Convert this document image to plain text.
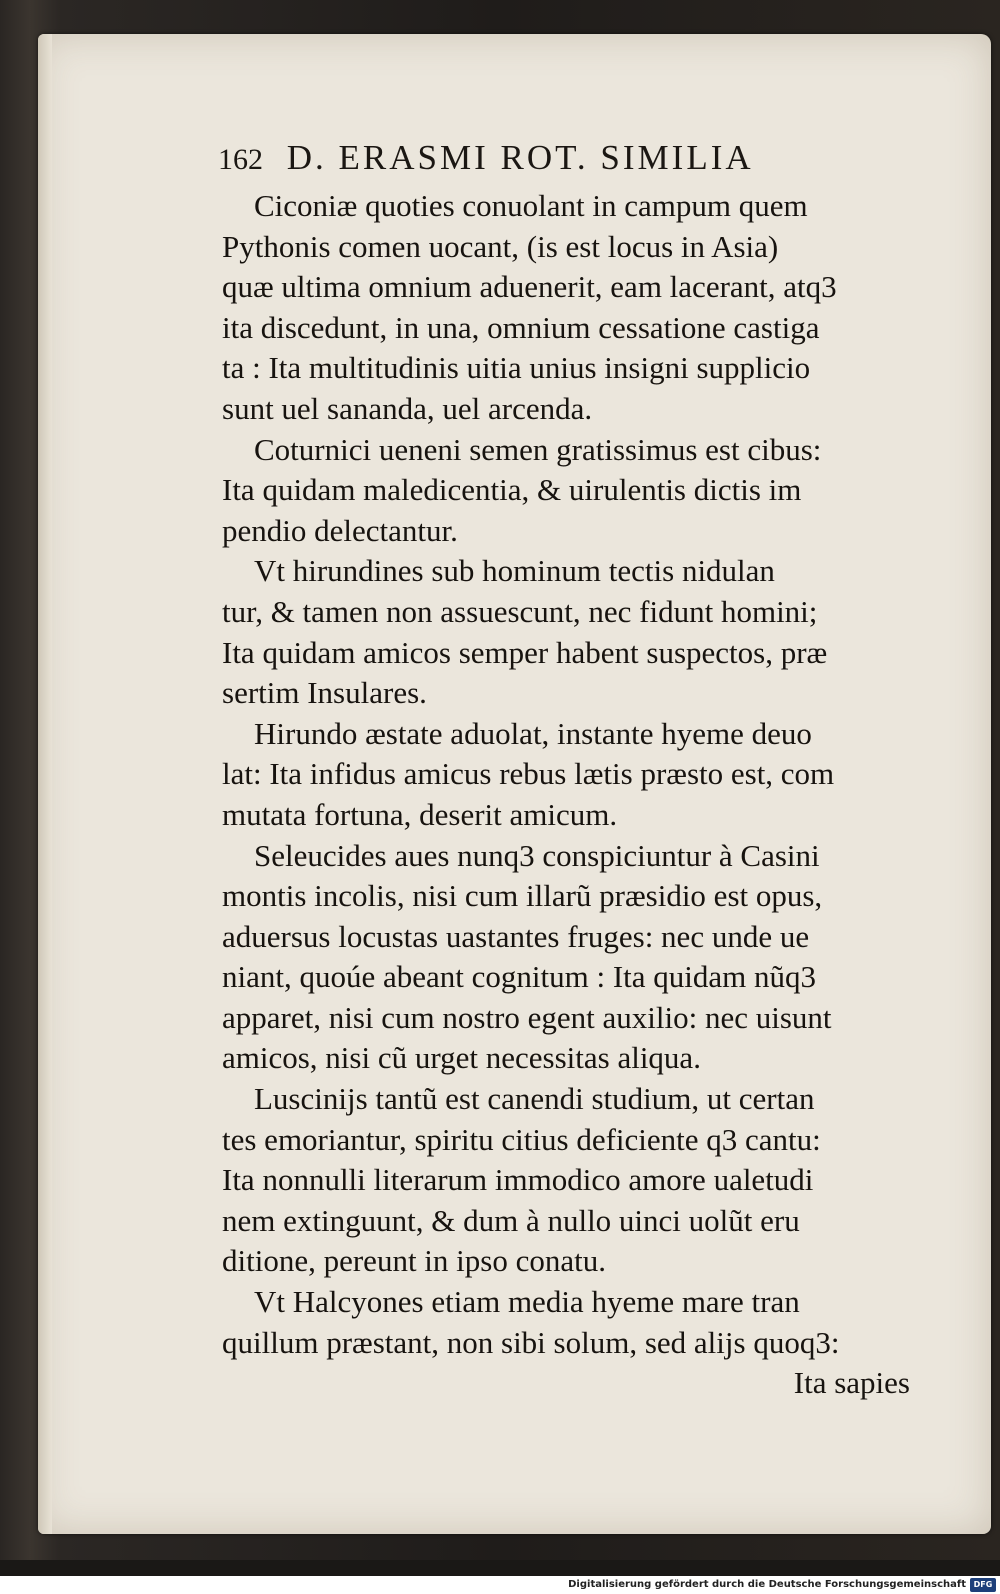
162 D. ERASMI ROT. SIMILIA
Ciconiæ quoties conuolant in campum quem
Pythonis comen uocant, (is est locus in Asia)
quæ ultima omnium aduenerit, eam lacerant, atq3
ita discedunt, in una, omnium cessatione castiga
ta : Ita multitudinis uitia unius insigni supplicio
sunt uel sananda, uel arcenda.
Coturnici ueneni semen gratissimus est cibus:
Ita quidam maledicentia, & uirulentis dictis im
pendio delectantur.
Vt hirundines sub hominum tectis nidulan
tur, & tamen non assuescunt, nec fidunt homini;
Ita quidam amicos semper habent suspectos, præ
sertim Insulares.
Hirundo æstate aduolat, instante hyeme deuo
lat: Ita infidus amicus rebus lætis præsto est, com
mutata fortuna, deserit amicum.
Seleucides aues nunq3 conspiciuntur à Casini
montis incolis, nisi cum illarũ præsidio est opus,
aduersus locustas uastantes fruges: nec unde ue
niant, quoúe abeant cognitum : Ita quidam nũq3
apparet, nisi cum nostro egent auxilio: nec uisunt
amicos, nisi cũ urget necessitas aliqua.
Luscinijs tantũ est canendi studium, ut certan
tes emoriantur, spiritu citius deficiente q3 cantu:
Ita nonnulli literarum immodico amore ualetudi
nem extinguunt, & dum à nullo uinci uolũt eru
ditione, pereunt in ipso conatu.
Vt Halcyones etiam media hyeme mare tran
quillum præstant, non sibi solum, sed alijs quoq3:
Ita sapies
Digitalisierung gefördert durch die Deutsche Forschungsgemeinschaft DFG
